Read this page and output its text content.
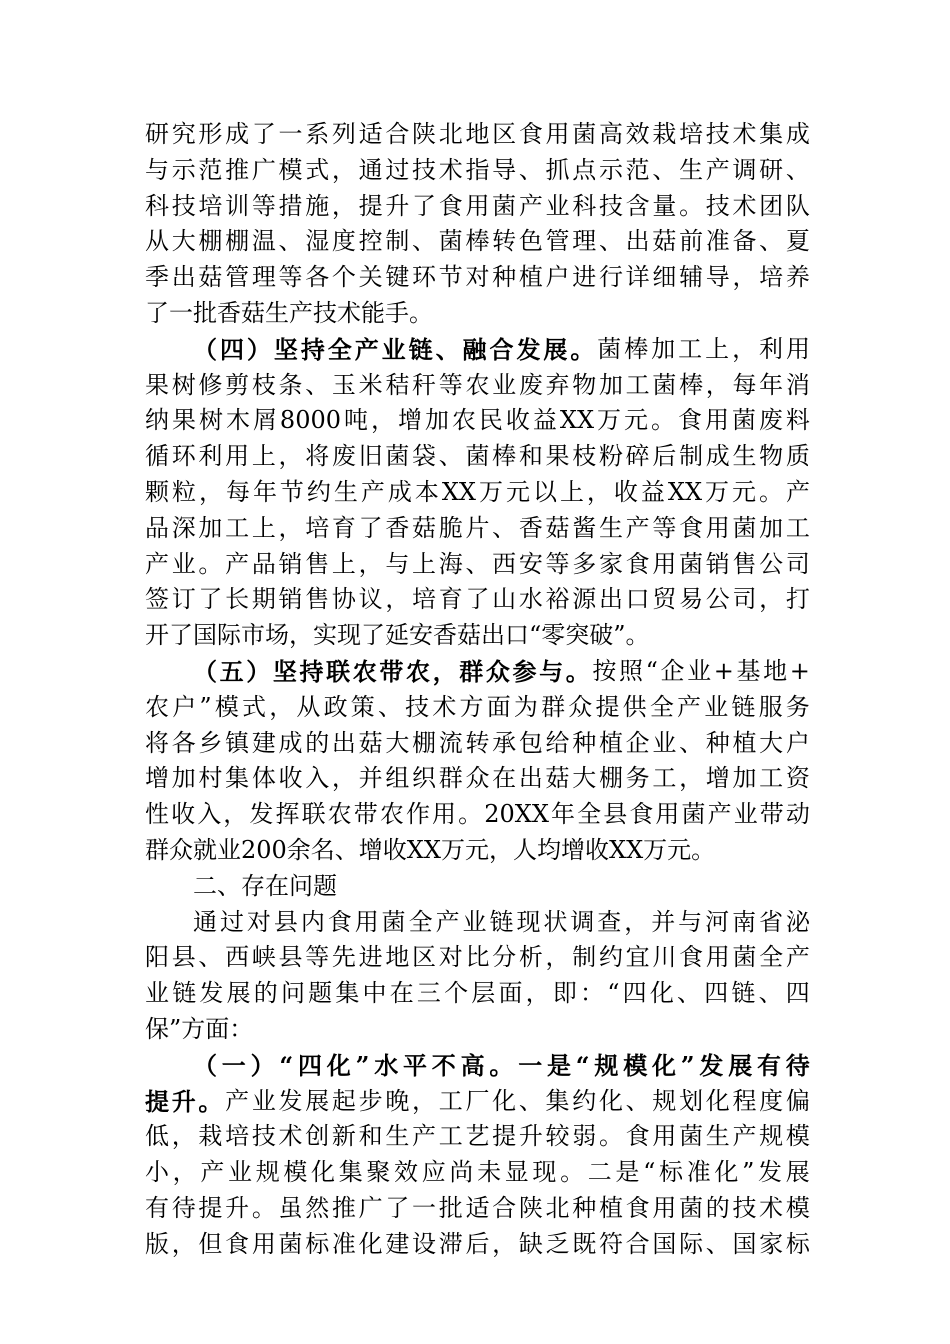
研 究 形 成 了 一 系 列 适 合 陕 北 地 区 食 用 菌 高 效 栽 培 技 术 集 成
与 示 范 推 广 模 式 ， 通 过 技 术 指 导 、 抓 点 示 范 、 生 产 调 研 、
科 技 培 训 等 措 施 ， 提 升 了 食 用 菌 产 业 科 技 含 量 。 技 术 团 队
从 大 棚 棚 温 、 湿 度 控 制 、 菌 棒 转 色 管 理 、 出 菇 前 准 备 、 夏
季 出 菇 管 理 等 各 个 关 键 环 节 对 种 植 户 进 行 详 细 辅 导 ， 培 养
了一批香菇生产技术能手。
（ 四 ） 坚 持 全 产 业 链 、 融 合 发 展 。 菌 棒 加 工 上 ， 利 用
果 树 修 剪 枝 条 、 玉 米 秸 秆 等 农 业 废 弃 物 加 工 菌 棒 ， 每 年 消
纳 果 树 木 屑 8000 吨 ， 增 加 农 民 收 益 XX 万 元 。 食 用 菌 废 料
循 环 利 用 上 ， 将 废 旧 菌 袋 、 菌 棒 和 果 枝 粉 碎 后 制 成 生 物 质
颗 粒 ， 每 年 节 约 生 产 成 本 XX 万 元 以 上 ， 收 益 XX 万 元 。 产
品 深 加 工 上 ， 培 育 了 香 菇 脆 片 、 香 菇 酱 生 产 等 食 用 菌 加 工
产 业 。 产 品 销 售 上 ， 与 上 海 、 西 安 等 多 家 食 用 菌 销 售 公 司
签 订 了 长 期 销 售 协 议 ， 培 育 了 山 水 裕 源 出 口 贸 易 公 司 ， 打
开了国际市场，实现了延安香菇出口“零突破”。
（ 五 ） 坚 持 联 农 带 农 ， 群 众 参 与 。 按 照 “ 企 业 + 基 地 +
农 户 ” 模 式 ， 从 政 策 、 技 术 方 面 为 群 众 提 供 全 产 业 链 服 务
将 各 乡 镇 建 成 的 出 菇 大 棚 流 转 承 包 给 种 植 企 业 、 种 植 大 户
增 加 村 集 体 收 入 ， 并 组 织 群 众 在 出 菇 大 棚 务 工 ， 增 加 工 资
性 收 入 ， 发 挥 联 农 带 农 作 用 。 20XX 年 全 县 食 用 菌 产 业 带 动
群众就业200余名、增收XX万元，人均增收XX万元。
二、存在问题
通 过 对 县 内 食 用 菌 全 产 业 链 现 状 调 查 ， 并 与 河 南 省 泌
阳 县 、 西 峡 县 等 先 进 地 区 对 比 分 析 ， 制 约 宜 川 食 用 菌 全 产
业 链 发 展 的 问 题 集 中 在 三 个 层 面 ， 即 ： “ 四 化 、 四 链 、 四
保”方面：
（ 一 ） “ 四 化 ” 水 平 不 高 。 一 是 “ 规 模 化 ” 发 展 有 待
提 升 。 产 业 发 展 起 步 晚 ， 工 厂 化 、 集 约 化 、 规 划 化 程 度 偏
低 ， 栽 培 技 术 创 新 和 生 产 工 艺 提 升 较 弱 。 食 用 菌 生 产 规 模
小 ， 产 业 规 模 化 集 聚 效 应 尚 未 显 现 。 二 是 “ 标 准 化 ” 发 展
有 待 提 升 。 虽 然 推 广 了 一 批 适 合 陕 北 种 植 食 用 菌 的 技 术 模
版 ， 但 食 用 菌 标 准 化 建 设 滞 后 ， 缺 乏 既 符 合 国 际 、 国 家 标
